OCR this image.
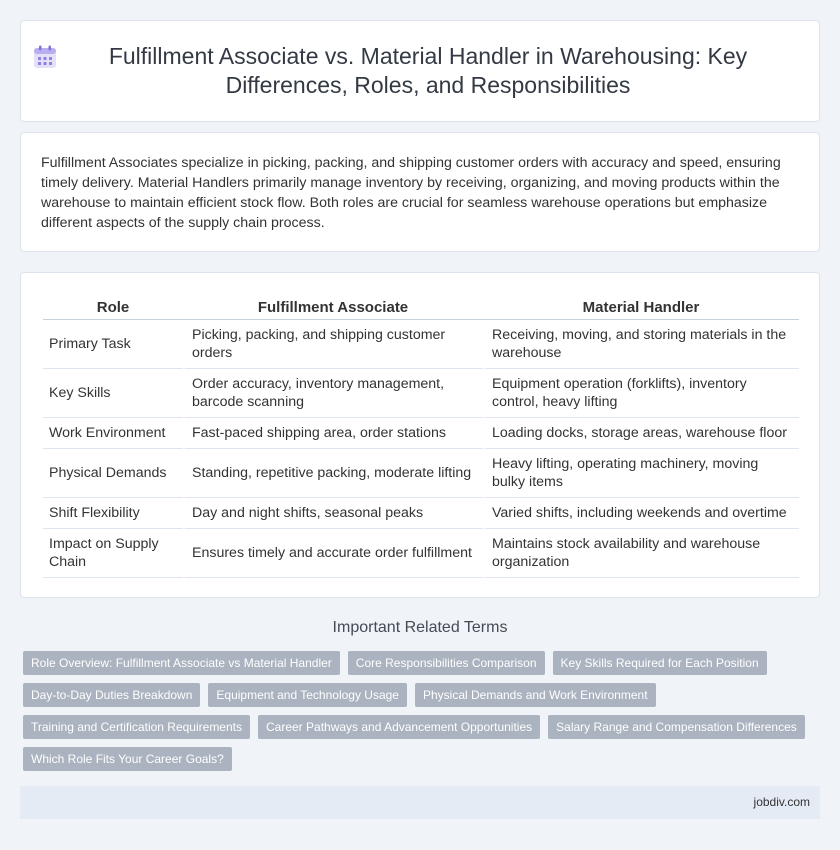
Fulfillment Associate vs. Material Handler in Warehousing: Key Differences, Roles, and Responsibilities

Fulfillment Associates specialize in picking, packing, and shipping customer orders with accuracy and speed, ensuring timely delivery. Material Handlers primarily manage inventory by receiving, organizing, and moving products within the warehouse to maintain efficient stock flow. Both roles are crucial for seamless warehouse operations but emphasize different aspects of the supply chain process.

Role	Fulfillment Associate	Material Handler
Primary Task	Picking, packing, and shipping customer orders	Receiving, moving, and storing materials in the warehouse
Key Skills	Order accuracy, inventory management, barcode scanning	Equipment operation (forklifts), inventory control, heavy lifting
Work Environment	Fast-paced shipping area, order stations	Loading docks, storage areas, warehouse floor
Physical Demands	Standing, repetitive packing, moderate lifting	Heavy lifting, operating machinery, moving bulky items
Shift Flexibility	Day and night shifts, seasonal peaks	Varied shifts, including weekends and overtime
Impact on Supply Chain	Ensures timely and accurate order fulfillment	Maintains stock availability and warehouse organization
Important Related Terms
Role Overview: Fulfillment Associate vs Material Handler	Core Responsibilities Comparison	Key Skills Required for Each Position
Day-to-Day Duties Breakdown	Equipment and Technology Usage	Physical Demands and Work Environment
Training and Certification Requirements	Career Pathways and Advancement Opportunities	Salary Range and Compensation Differences
Which Role Fits Your Career Goals?
jobdiv.com
